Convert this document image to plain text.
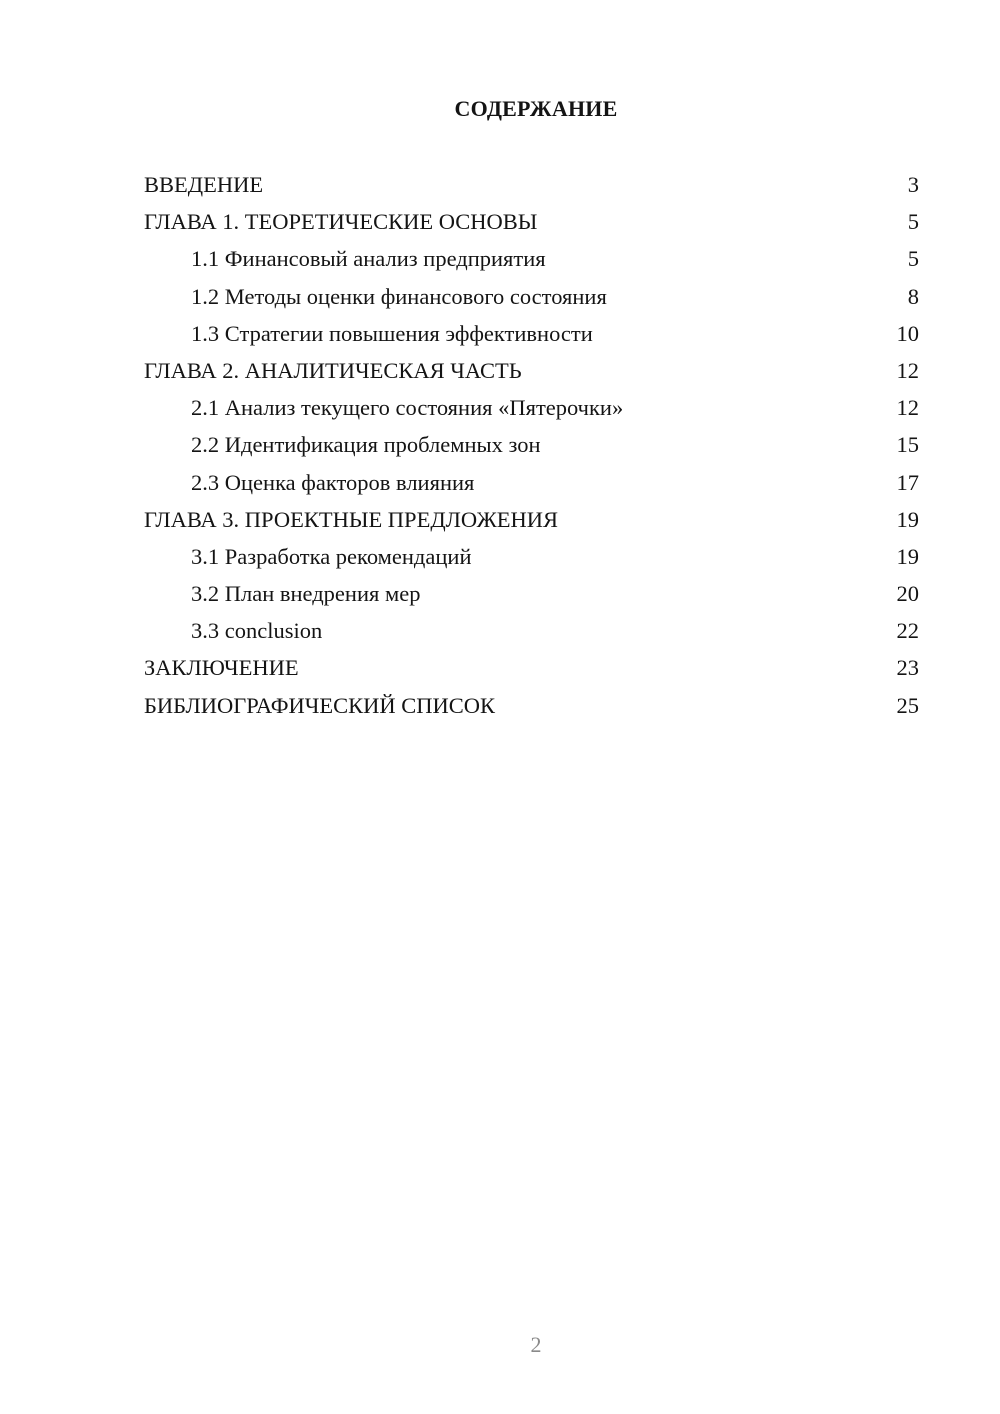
СОДЕРЖАНИЕ
ВВЕДЕНИЕ	3
ГЛАВА 1. ТЕОРЕТИЧЕСКИЕ ОСНОВЫ	5
1.1 Финансовый анализ предприятия	5
1.2 Методы оценки финансового состояния	8
1.3 Стратегии повышения эффективности	10
ГЛАВА 2. АНАЛИТИЧЕСКАЯ ЧАСТЬ	12
2.1 Анализ текущего состояния «Пятерочки»	12
2.2 Идентификация проблемных зон	15
2.3 Оценка факторов влияния	17
ГЛАВА 3. ПРОЕКТНЫЕ ПРЕДЛОЖЕНИЯ	19
3.1 Разработка рекомендаций	19
3.2 План внедрения мер	20
3.3 conclusion	22
ЗАКЛЮЧЕНИЕ	23
БИБЛИОГРАФИЧЕСКИЙ СПИСОК	25
2
